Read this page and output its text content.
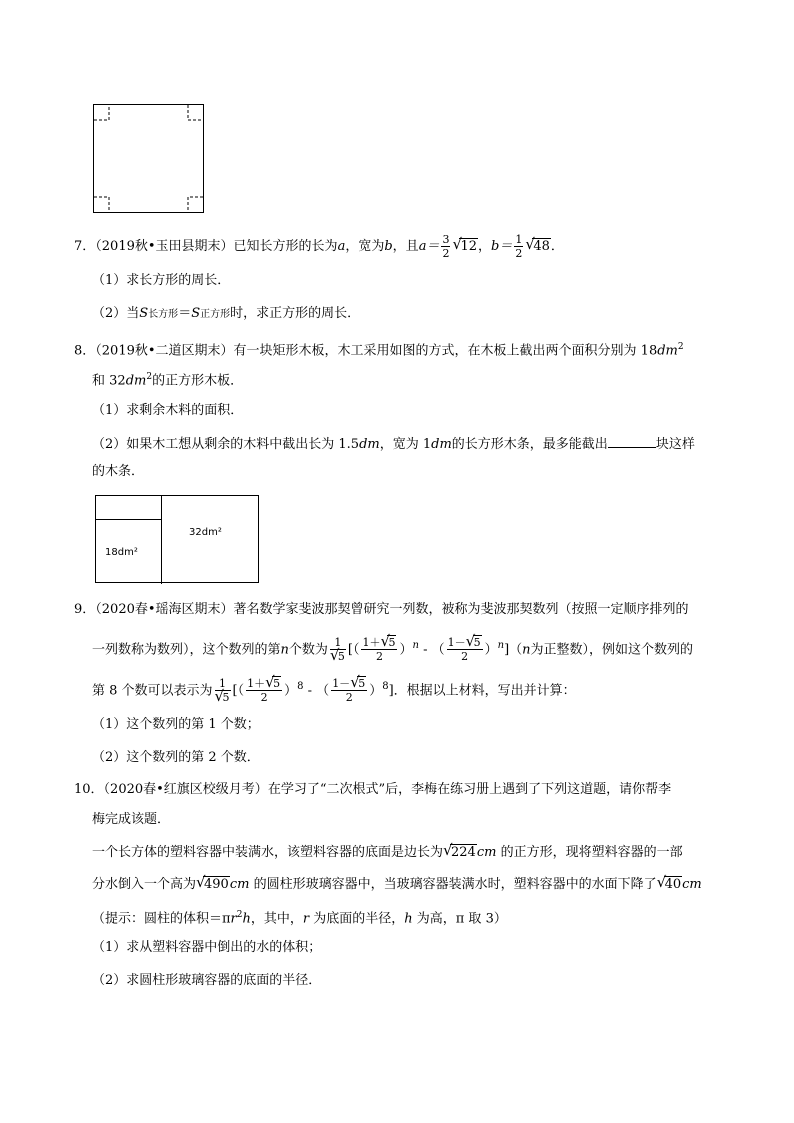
7．（2019秋•玉田县期末）已知长方形的长为a，宽为b，且$a= \frac{3}{2}$ √ 12，$b= \frac{1}{2}$ √ 48．
（1）求长方形的周长．
（2）当S长方形＝S正方形时，求正方形的周长．
8．（2019秋•二道区期末）有一块矩形木板，木工采用如图的方式，在木板上截出两个面积分别为 $18dm^2$
和 $32dm^2$的正方形木板．
（1）求剩余木料的面积．
（2）如果木工想从剩余的木料中截出长为 1.5dm，宽为 1dm的长方形木条，最多能截出	块这样
的木条．
18dm²
32dm²
9．（2020春•瑶海区期末）著名数学家斐波那契曾研究一列数，被称为斐波那契数列（按照一定顺序排列的
一列数称为数列），这个数列的第n个数为 1
√ 5 [（ $\frac{1+ √ 5}{2} )^n$ - （ $\frac{1- √ 5}{2} )^n](n$为正整数），例如这个数列的
第 8 个数可以表示为 1
√ 5 [（ $\frac{1+ √ 5}{2} )^8$ - （ $\frac{1- √ 5}{2} )^8$]．根据以上材料，写出并计算：
（1）这个数列的第 1 个数；
（2）这个数列的第 2 个数．
10．（2020春•红旗区校级月考）在学习了“二次根式”后，李梅在练习册上遇到了下列这道题，请你帮李
梅完成该题．
一个长方体的塑料容器中装满水，该塑料容器的底面是边长为 √ 224cm 的正方形，现将塑料容器的一部
分水倒入一个高为 √ 490cm 的圆柱形玻璃容器中，当玻璃容器装满水时，塑料容器中的水面下降了 √ 40cm
（提示：圆柱的体积$=\pi r^2h$，其中，r 为底面的半径，h 为高，π 取 3）
（1）求从塑料容器中倒出的水的体积；
（2）求圆柱形玻璃容器的底面的半径．
